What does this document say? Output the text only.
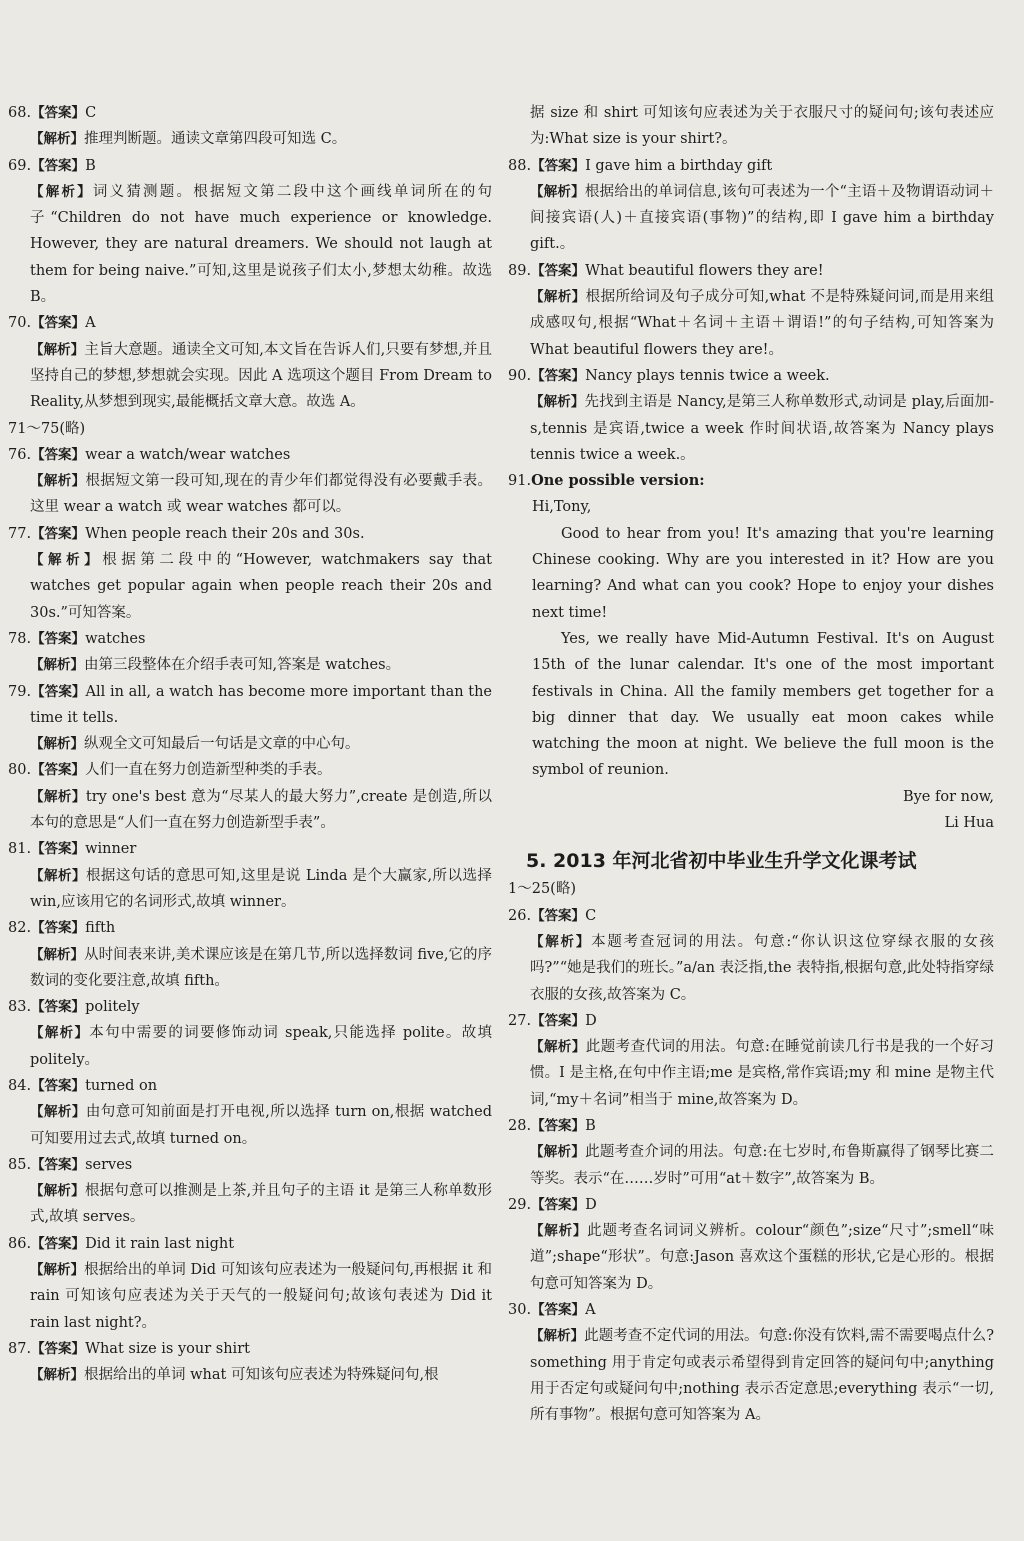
68.【答案】C

【解析】推理判断题。通读文章第四段可知选 C。

69.【答案】B

【解析】词义猜测题。根据短文第二段中这个画线单词所在的句子“Children do not have much experience or knowledge. However, they are natural dreamers. We should not laugh at them for being naive.”可知,这里是说孩子们太小,梦想太幼稚。故选 B。

70.【答案】A

【解析】主旨大意题。通读全文可知,本文旨在告诉人们,只要有梦想,并且坚持自己的梦想,梦想就会实现。因此 A 选项这个题目 From Dream to Reality,从梦想到现实,最能概括文章大意。故选 A。

71～75(略)

76.【答案】wear a watch/wear watches

【解析】根据短文第一段可知,现在的青少年们都觉得没有必要戴手表。这里 wear a watch 或 wear watches 都可以。

77.【答案】When people reach their 20s and 30s.

【解析】根据第二段中的“However, watchmakers say that watches get popular again when people reach their 20s and 30s.”可知答案。

78.【答案】watches

【解析】由第三段整体在介绍手表可知,答案是 watches。

79.【答案】All in all, a watch has become more important than the time it tells.

【解析】纵观全文可知最后一句话是文章的中心句。

80.【答案】人们一直在努力创造新型种类的手表。

【解析】try one's best 意为“尽某人的最大努力”,create 是创造,所以本句的意思是“人们一直在努力创造新型手表”。

81.【答案】winner

【解析】根据这句话的意思可知,这里是说 Linda 是个大赢家,所以选择 win,应该用它的名词形式,故填 winner。

82.【答案】fifth

【解析】从时间表来讲,美术课应该是在第几节,所以选择数词 five,它的序数词的变化要注意,故填 fifth。

83.【答案】politely

【解析】本句中需要的词要修饰动词 speak,只能选择 polite。故填 politely。

84.【答案】turned on

【解析】由句意可知前面是打开电视,所以选择 turn on,根据 watched 可知要用过去式,故填 turned on。

85.【答案】serves

【解析】根据句意可以推测是上茶,并且句子的主语 it 是第三人称单数形式,故填 serves。

86.【答案】Did it rain last night

【解析】根据给出的单词 Did 可知该句应表述为一般疑问句,再根据 it 和 rain 可知该句应表述为关于天气的一般疑问句;故该句表述为 Did it rain last night?。

87.【答案】What size is your shirt

【解析】根据给出的单词 what 可知该句应表述为特殊疑问句,根

据 size 和 shirt 可知该句应表述为关于衣服尺寸的疑问句;该句表述应为:What size is your shirt?。

88.【答案】I gave him a birthday gift

【解析】根据给出的单词信息,该句可表述为一个“主语＋及物谓语动词＋间接宾语(人)＋直接宾语(事物)”的结构,即 I gave him a birthday gift.。

89.【答案】What beautiful flowers they are!

【解析】根据所给词及句子成分可知,what 不是特殊疑问词,而是用来组成感叹句,根据“What＋名词＋主语＋谓语!”的句子结构,可知答案为 What beautiful flowers they are!。

90.【答案】Nancy plays tennis twice a week.

【解析】先找到主语是 Nancy,是第三人称单数形式,动词是 play,后面加-s,tennis 是宾语,twice a week 作时间状语,故答案为 Nancy plays tennis twice a week.。

91.One possible version:

Hi,Tony,

Good to hear from you! It's amazing that you're learning Chinese cooking. Why are you interested in it? How are you learning? And what can you cook? Hope to enjoy your dishes next time!

Yes, we really have Mid-Autumn Festival. It's on August 15th of the lunar calendar. It's one of the most important festivals in China. All the family members get together for a big dinner that day. We usually eat moon cakes while watching the moon at night. We believe the full moon is the symbol of reunion.

Bye for now,

Li Hua

5. 2013 年河北省初中毕业生升学文化课考试

1～25(略)

26.【答案】C

【解析】本题考查冠词的用法。句意:“你认识这位穿绿衣服的女孩吗?”“她是我们的班长。”a/an 表泛指,the 表特指,根据句意,此处特指穿绿衣服的女孩,故答案为 C。

27.【答案】D

【解析】此题考查代词的用法。句意:在睡觉前读几行书是我的一个好习惯。I 是主格,在句中作主语;me 是宾格,常作宾语;my 和 mine 是物主代词,“my＋名词”相当于 mine,故答案为 D。

28.【答案】B

【解析】此题考查介词的用法。句意:在七岁时,布鲁斯赢得了钢琴比赛二等奖。表示“在……岁时”可用“at＋数字”,故答案为 B。

29.【答案】D

【解析】此题考查名词词义辨析。colour“颜色”;size“尺寸”;smell“味道”;shape“形状”。句意:Jason 喜欢这个蛋糕的形状,它是心形的。根据句意可知答案为 D。

30.【答案】A

【解析】此题考查不定代词的用法。句意:你没有饮料,需不需要喝点什么? something 用于肯定句或表示希望得到肯定回答的疑问句中;anything 用于否定句或疑问句中;nothing 表示否定意思;everything 表示“一切,所有事物”。根据句意可知答案为 A。
